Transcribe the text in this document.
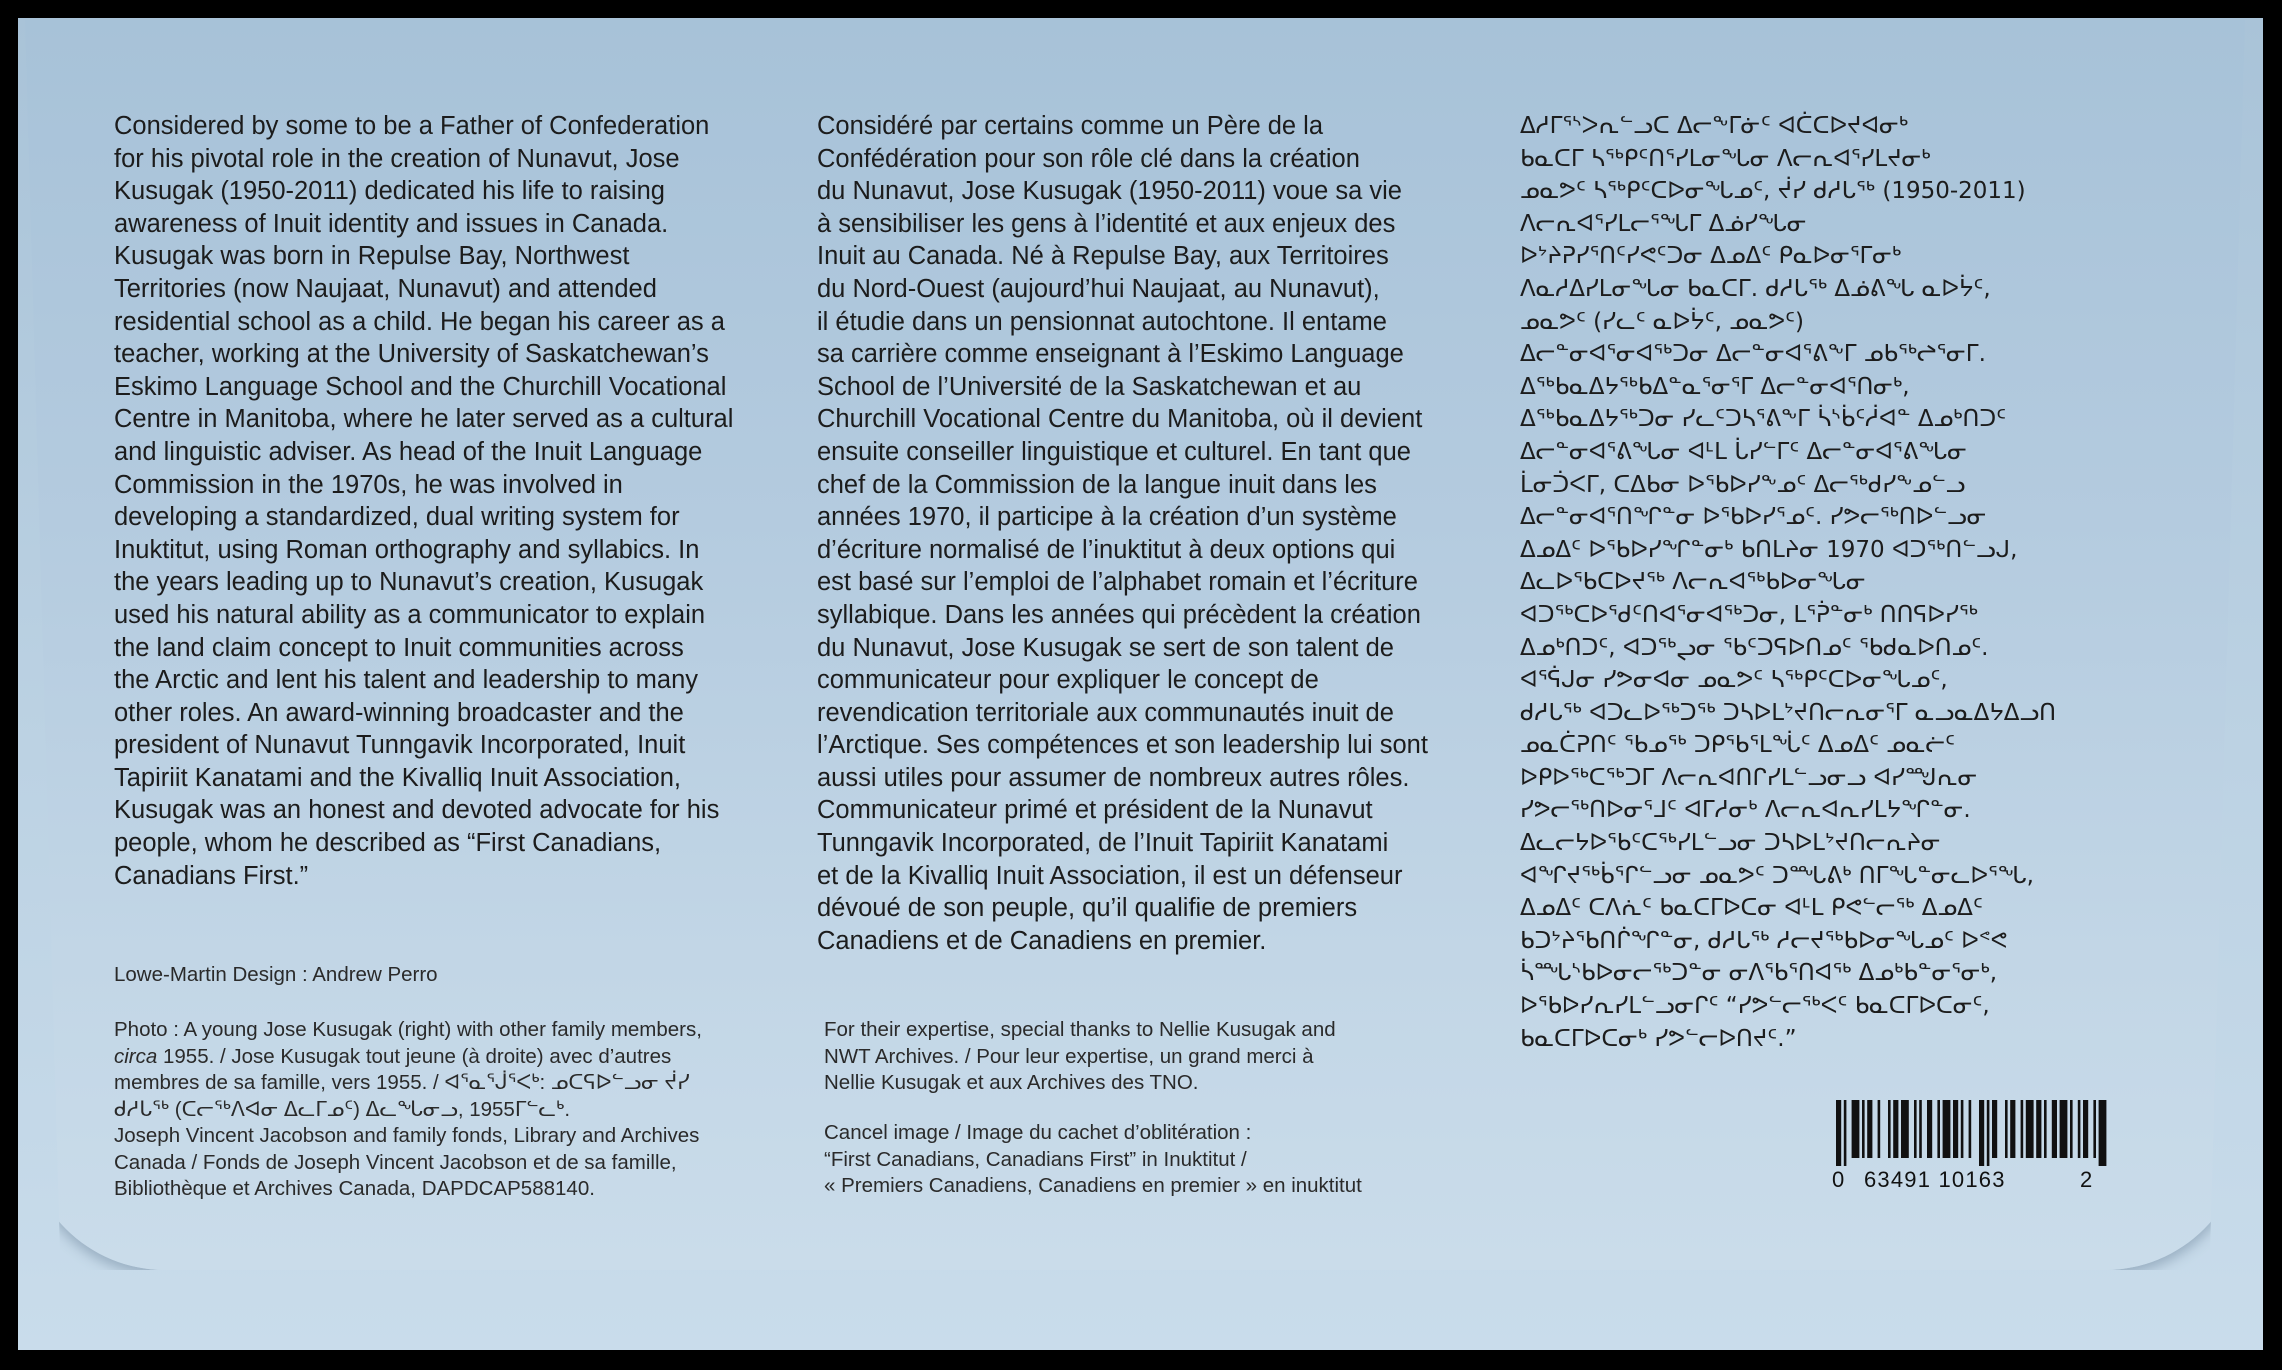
Considered by some to be a Father of Confederation
for his pivotal role in the creation of Nunavut, Jose
Kusugak (1950-2011) dedicated his life to raising
awareness of Inuit identity and issues in Canada.
Kusugak was born in Repulse Bay, Northwest
Territories (now Naujaat, Nunavut) and attended
residential school as a child. He began his career as a
teacher, working at the University of Saskatchewan’s
Eskimo Language School and the Churchill Vocational
Centre in Manitoba, where he later served as a cultural
and linguistic adviser. As head of the Inuit Language
Commission in the 1970s, he was involved in
developing a standardized, dual writing system for
Inuktitut, using Roman orthography and syllabics. In
the years leading up to Nunavut’s creation, Kusugak
used his natural ability as a communicator to explain
the land claim concept to Inuit communities across
the Arctic and lent his talent and leadership to many
other roles. An award-winning broadcaster and the
president of Nunavut Tunngavik Incorporated, Inuit
Tapiriit Kanatami and the Kivalliq Inuit Association,
Kusugak was an honest and devoted advocate for his
people, whom he described as “First Canadians,
Canadians First.”
Considéré par certains comme un Père de la
Confédération pour son rôle clé dans la création
du Nunavut, Jose Kusugak (1950-2011) voue sa vie
à sensibiliser les gens à l’identité et aux enjeux des
Inuit au Canada. Né à Repulse Bay, aux Territoires
du Nord-Ouest (aujourd’hui Naujaat, au Nunavut),
il étudie dans un pensionnat autochtone. Il entame
sa carrière comme enseignant à l’Eskimo Language
School de l’Université de la Saskatchewan et au
Churchill Vocational Centre du Manitoba, où il devient
ensuite conseiller linguistique et culturel. En tant que
chef de la Commission de la langue inuit dans les
années 1970, il participe à la création d’un système
d’écriture normalisé de l’inuktitut à deux options qui
est basé sur l’emploi de l’alphabet romain et l’écriture
syllabique. Dans les années qui précèdent la création
du Nunavut, Jose Kusugak se sert de son talent de
communicateur pour expliquer le concept de
revendication territoriale aux communautés inuit de
l’Arctique. Ses compétences et son leadership lui sont
aussi utiles pour assumer de nombreux autres rôles.
Communicateur primé et président de la Nunavut
Tunngavik Incorporated, de l’Inuit Tapiriit Kanatami
et de la Kivalliq Inuit Association, il est un défenseur
dévoué de son peuple, qu’il qualifie de premiers
Canadiens et de Canadiens en premier.
ᐃᓱᒥᕐᔅᐳᕆᓪᓗᑕ ᐃᓕᖕᒥᓃᑦ ᐊᑖᑕᐅᔪᐊᓂᒃ
ᑲᓇᑕᒥ ᓴᖅᑭᑦᑎᕐᓯᒪᓂᖓᓂ ᐱᓕᕆᐊᕐᓯᒪᔪᓂᒃ
ᓄᓇᕗᑦ ᓴᖅᑭᑦᑕᐅᓂᖓᓄᑦ, ᔫᓯ ᑯᓱᒐᖅ (1950-2011)
ᐱᓕᕆᐊᕐᓯᒪᓕᕐᖓᒥ ᐃᓅᓯᖓᓂ
ᐅᔾᔨᕈᓯᕐᑎᑦᓯᕙᑦᑐᓂ ᐃᓄᐃᑦ ᑭᓇᐅᓂᕐᒥᓂᒃ
ᐱᓇᓱᐃᓯᒪᓂᖓᓂ ᑲᓇᑕᒥ. ᑯᓱᒐᖅ ᐃᓅᕕᖓ ᓇᐅᔮᑦ,
ᓄᓇᕗᑦ (ᓯᓚᑦ ᓇᐅᔮᑦ, ᓄᓇᕗᑦ)
ᐃᓕᓐᓂᐊᕐᓂᐊᖅᑐᓂ ᐃᓕᓐᓂᐊᕐᕕᖕᒥ ᓄᑲᖅᖠᕐᓂᒥ.
ᐃᖅᑲᓇᐃᔭᖅᑲᐃᓐᓇᕐᓂᕐᒥ ᐃᓕᓐᓂᐊᕐᑎᓂᒃ,
ᐃᖅᑲᓇᐃᔭᖅᑐᓂ ᓯᓚᑦᑐᓴᕐᕕᖕᒥ ᓵᔅᑳᑦᓲᐊᓐ ᐃᓄᒃᑎᑐᑦ
ᐃᓕᓐᓂᐊᕐᕕᖓᓂ ᐊᒻᒪ ᒑᓯᓪᒥᑦ ᐃᓕᓐᓂᐊᕐᕕᖓᓂ
ᒫᓂᑑᐸᒥ, ᑕᐃᑲᓂ ᐅᖃᐅᓯᖕᓄᑦ ᐃᓕᖅᑯᓯᖕᓄᓪᓗ
ᐃᓕᓐᓂᐊᕐᑎᖏᓐᓂ ᐅᖃᐅᓯᕐᓄᑦ. ᓯᕗᓕᖅᑎᐅᓪᓗᓂ
ᐃᓄᐃᑦ ᐅᖃᐅᓯᖏᓐᓂᒃ ᑲᑎᒪᔨᓂ 1970 ᐊᑐᖅᑎᓪᓗᒍ,
ᐃᓚᐅᖃᑕᐅᔪᖅ ᐱᓕᕆᐊᖅᑲᐅᓂᖓᓂ
ᐊᑐᖅᑕᐅᖁᑦᑎᐊᕐᓂᐊᖅᑐᓂ, ᒪᕐᕉᓐᓂᒃ ᑎᑎᕋᐅᓯᖅ
ᐃᓄᒃᑎᑐᑦ, ᐊᑐᖅᖢᓂ ᖃᑦᑐᕋᐅᑎᓄᑦ ᖃᑯᓇᐅᑎᓄᑦ.
ᐊᕐᕌᒍᓂ ᓯᕗᓂᐊᓂ ᓄᓇᕗᑦ ᓴᖅᑭᑦᑕᐅᓂᖓᓄᑦ,
ᑯᓱᒐᖅ ᐊᑐᓚᐅᖅᑐᖅ ᑐᓴᐅᒪᔾᔪᑎᓕᕆᓂᕐᒥ ᓇᓗᓇᐃᔭᐃᓗᑎ
ᓄᓇᑖᕈᑎᑦ ᖃᓄᖅ ᑐᑭᖃᕐᒪᖔᑦ ᐃᓄᐃᑦ ᓄᓇᓖᑦ
ᐅᑭᐅᖅᑕᖅᑐᒥ ᐱᓕᕆᐊᑎᒋᓯᒪᓪᓗᓂᓗ ᐊᓯᙳᕆᓂ
ᓯᕗᓕᖅᑎᐅᓂᕐᒧᑦ ᐊᒥᓱᓂᒃ ᐱᓕᕆᐊᕆᓯᒪᔭᖏᓐᓂ.
ᐃᓚᓕᔭᐅᖃᑦᑕᖅᓯᒪᓪᓗᓂ ᑐᓴᐅᒪᔾᔪᑎᓕᕆᔨᓂ
ᐊᖏᔪᖅᑳᕐᒋᓪᓗᓂ ᓄᓇᕗᑦ ᑐᙵᕕᒃ ᑎᒥᖓᓐᓂᓚᐅᕐᖓ,
ᐃᓄᐃᑦ ᑕᐱᕇᑦ ᑲᓇᑕᒥᐅᑕᓂ ᐊᒻᒪ ᑭᕙᓪᓕᖅ ᐃᓄᐃᑦ
ᑲᑐᔾᔨᖃᑎᒌᖏᓐᓂ, ᑯᓱᒐᖅ ᓱᓕᔪᖅᑲᐅᓂᖓᓄᑦ ᐅᕝᕙ
ᓵᙵᔅᑲᐅᓂᓕᖅᑐᓐᓂ ᓂᐱᖃᕐᑎᐊᖅ ᐃᓄᒃᑲᓐᓂᕐᓂᒃ,
ᐅᖃᐅᓯᕆᓯᒪᓪᓗᓂᒋᑦ “ᓯᕗᓪᓕᖅᐸᑦ ᑲᓇᑕᒥᐅᑕᓂᑦ,
ᑲᓇᑕᒥᐅᑕᓂᒃ ᓯᕗᓪᓕᐅᑎᔪᑦ.”
Lowe-Martin Design : Andrew Perro
Photo : A young Jose Kusugak (right) with other family members,
circa 1955. / Jose Kusugak tout jeune (à droite) avec d’autres
membres de sa famille, vers 1955. / ᐊᕐᓇᕐᒎᕐᐸᒃ: ᓄᑕᕋᐅᓪᓗᓂ ᔫᓯ
ᑯᓱᒐᖅ (ᑕᓕᖅᐱᐊᓂ ᐃᓚᒥᓄᑦ) ᐃᓚᖓᓂᓗ, 1955ᒥᓪᓚᒃ.
Joseph Vincent Jacobson and family fonds, Library and Archives
Canada / Fonds de Joseph Vincent Jacobson et de sa famille,
Bibliothèque et Archives Canada, DAPDCAP588140.
For their expertise, special thanks to Nellie Kusugak and
NWT Archives. / Pour leur expertise, un grand merci à
Nellie Kusugak et aux Archives des TNO.
Cancel image / Image du cachet d’oblitération :
“First Canadians, Canadians First” in Inuktitut /
« Premiers Canadiens, Canadiens en premier » en inuktitut	0 63491 10163	2
